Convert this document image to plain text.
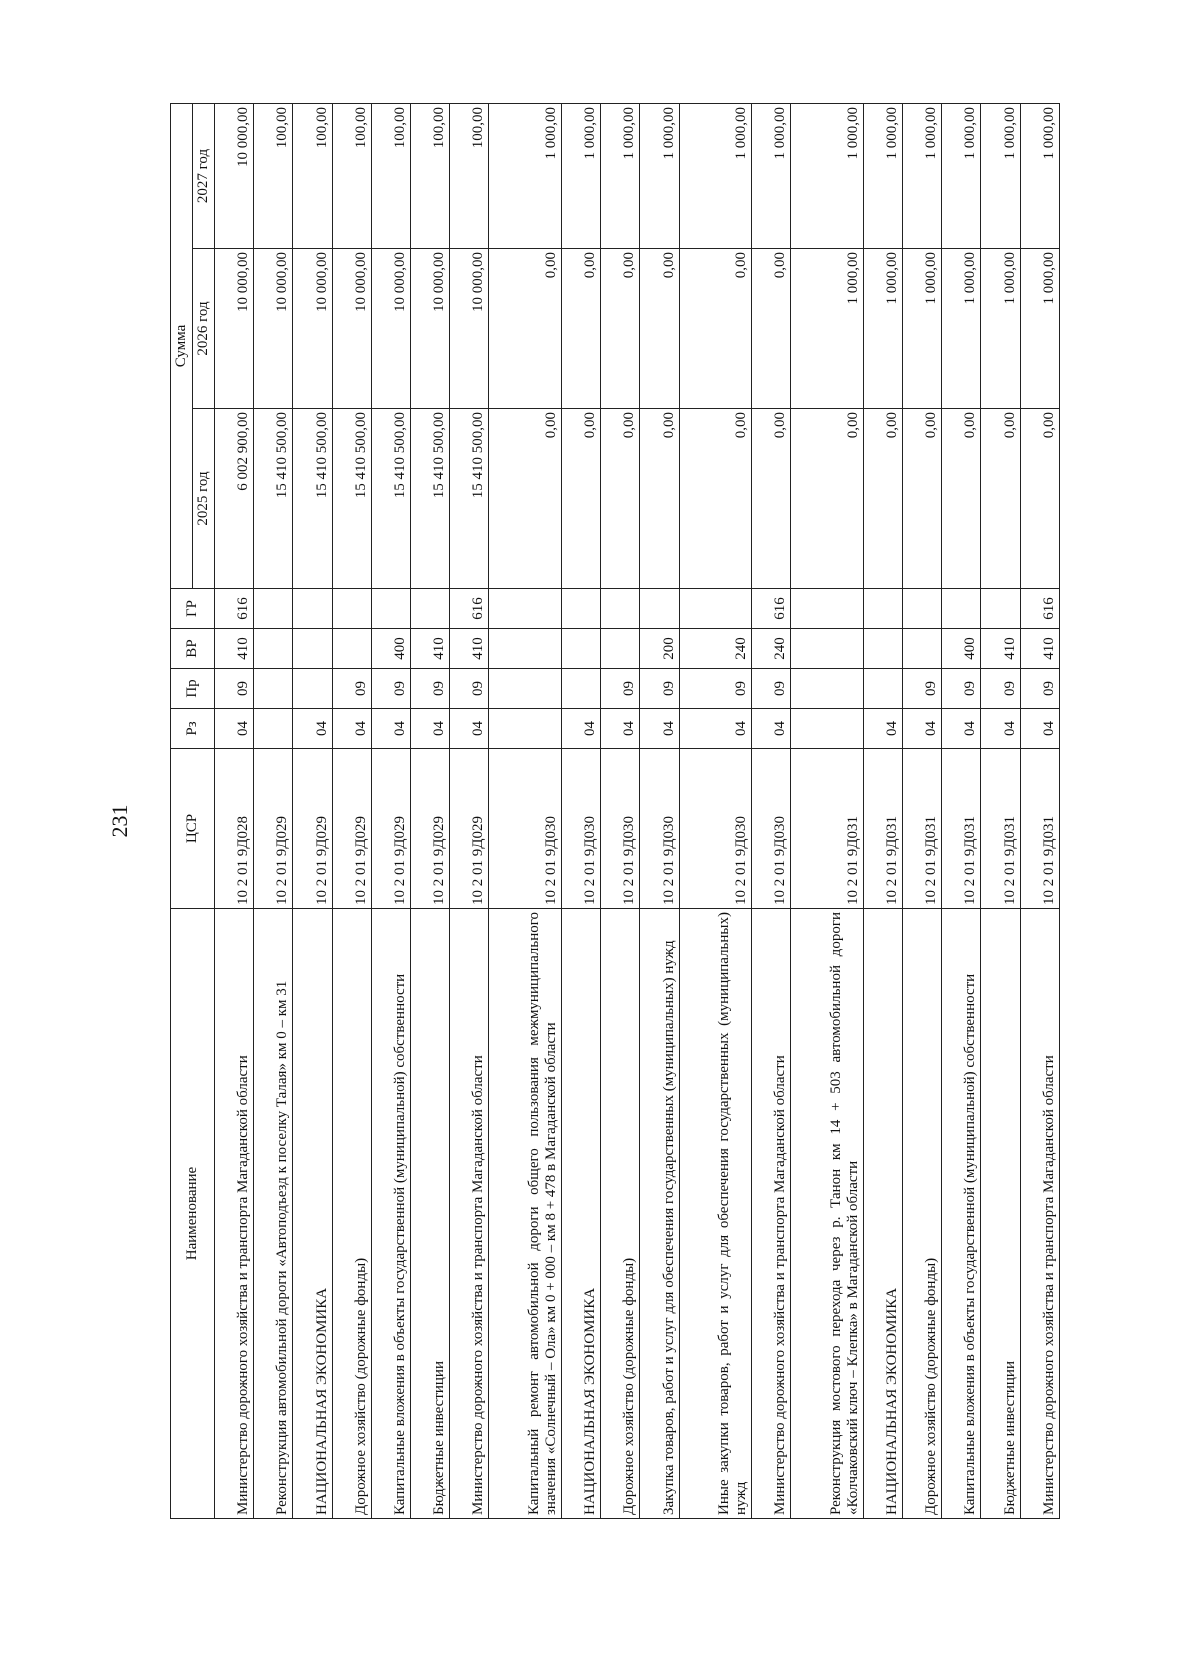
231
Наименование	ЦСР	Рз	Пр	ВР	ГР	Сумма		
						2025 год	2026 год	2027 год
Министерство дорожного хозяйства и транспорта Магаданской области	10 2 01 9Д028	04	09	410	616	6 002 900,00	10 000,00	10 000,00
Реконструкция автомобильной дороги «Автоподъезд к поселку Талая» км 0 – км 31	10 2 01 9Д029					15 410 500,00	10 000,00	100,00
НАЦИОНАЛЬНАЯ ЭКОНОМИКА	10 2 01 9Д029	04				15 410 500,00	10 000,00	100,00
Дорожное хозяйство (дорожные фонды)	10 2 01 9Д029	04	09			15 410 500,00	10 000,00	100,00
Капитальные вложения в объекты государственной (муниципальной) собственности	10 2 01 9Д029	04	09	400		15 410 500,00	10 000,00	100,00
Бюджетные инвестиции	10 2 01 9Д029	04	09	410		15 410 500,00	10 000,00	100,00
Министерство дорожного хозяйства и транспорта Магаданской области	10 2 01 9Д029	04	09	410	616	15 410 500,00	10 000,00	100,00
Капитальный ремонт автомобильной дороги общего пользования межмуниципального значения «Солнечный – Ола» км 0 + 000 – км 8 + 478 в Магаданской области	10 2 01 9Д030					0,00	0,00	1 000,00
НАЦИОНАЛЬНАЯ ЭКОНОМИКА	10 2 01 9Д030	04				0,00	0,00	1 000,00
Дорожное хозяйство (дорожные фонды)	10 2 01 9Д030	04	09			0,00	0,00	1 000,00
Закупка товаров, работ и услуг для обеспечения государственных (муниципальных) нужд	10 2 01 9Д030	04	09	200		0,00	0,00	1 000,00
Иные закупки товаров, работ и услуг для обеспечения государственных (муниципальных) нужд	10 2 01 9Д030	04	09	240		0,00	0,00	1 000,00
Министерство дорожного хозяйства и транспорта Магаданской области	10 2 01 9Д030	04	09	240	616	0,00	0,00	1 000,00
Реконструкция мостового перехода через р. Танон км 14 + 503 автомобильной дороги «Колчаковский ключ – Клепка» в Магаданской области	10 2 01 9Д031					0,00	1 000,00	1 000,00
НАЦИОНАЛЬНАЯ ЭКОНОМИКА	10 2 01 9Д031	04				0,00	1 000,00	1 000,00
Дорожное хозяйство (дорожные фонды)	10 2 01 9Д031	04	09			0,00	1 000,00	1 000,00
Капитальные вложения в объекты государственной (муниципальной) собственности	10 2 01 9Д031	04	09	400		0,00	1 000,00	1 000,00
Бюджетные инвестиции	10 2 01 9Д031	04	09	410		0,00	1 000,00	1 000,00
Министерство дорожного хозяйства и транспорта Магаданской области	10 2 01 9Д031	04	09	410	616	0,00	1 000,00	1 000,00
